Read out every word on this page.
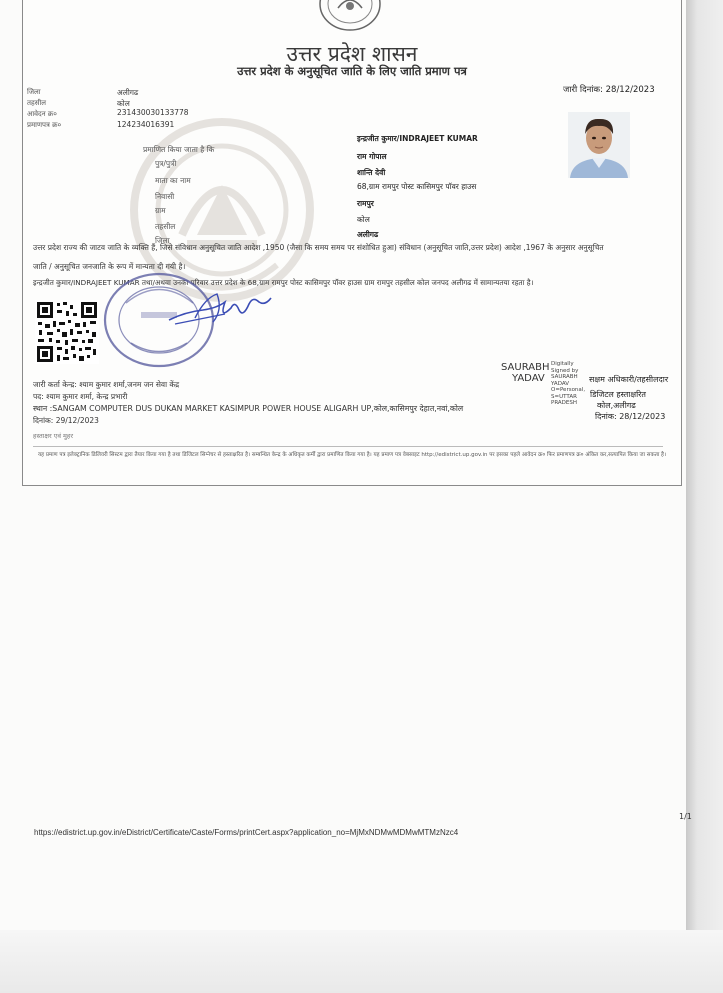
उत्तर प्रदेश शासन
उत्तर प्रदेश के अनुसूचित जाति के लिए जाति प्रमाण पत्र
जारी दिनांक: 28/12/2023
जिला	अलीगढ
तहसील	कोल
आवेदन क्र०	231430030133778
प्रमाणपत्र क्र०	124234016391
प्रमाणित किया जाता है कि
इन्द्रजीत कुमार/INDRAJEET KUMAR
पुत्र/पुत्री
राम गोपाल
माता का नाम
शान्ति देवी
निवासी
68,ग्राम रामपुर पोस्ट कासिमपुर पॉवर हाउस
ग्राम
रामपुर
तहसील
कोल
जिला
अलीगढ
उत्तर प्रदेश राज्य की जाटव जाति के व्यक्ति हैं, जिसे संविधान अनुसूचित जाति आदेश ,1950 (जैसा कि समय समय पर संशोधित हुआ) संविधान (अनुसूचित जाति,उत्तर प्रदेश) आदेश ,1967 के अनुसार अनुसूचित
जाति / अनुसूचित जनजाति के रूप में मान्यता दी गयी है।
इन्द्रजीत कुमार/INDRAJEET KUMAR तथा/अथवा उनका परिवार उत्तर प्रदेश के 68,ग्राम रामपुर पोस्ट कासिमपुर पॉवर हाउस ग्राम रामपुर तहसील कोल जनपद अलीगढ में सामान्यतया रहता है।
SAURABH
YADAV
Digitally Signed by SAURABH YADAV O=Personal, S=UTTAR PRADESH
सक्षम अधिकारी/तहसीलदार
डिजिटल हस्ताक्षरित
कोल,अलीगढ
दिनांक: 28/12/2023
जारी कर्ता केन्द्र: श्याम कुमार शर्मा,जनम जन सेवा केंद्र
पद: श्याम कुमार शर्मा, केन्द्र प्रभारी
स्थान :SANGAM COMPUTER DUS DUKAN MARKET KASIMPUR POWER HOUSE ALIGARH UP,कोल,कासिमपुर देहात,नवां,कोल
दिनांक: 29/12/2023
हस्ताक्षर एवं मुहर
यह प्रमाण पत्र इलेक्ट्रानिक डिलिवरी सिस्टम द्वारा तैयार किया गया है तथा डिजिटल सिग्नेचर से हस्ताक्षरित है। सम्बन्धित केन्द्र के अधिकृत कर्मी द्वारा प्रमाणित किया गया है। यह प्रमाण पत्र वेबसाइट http://edistrict.up.gov.in पर इसका पहले आवेदन क्र० फिर प्रमाणपत्र क्र० अंकित कर,सत्यापित किया जा सकता है।
1/1
https://edistrict.up.gov.in/eDistrict/Certificate/Caste/Forms/printCert.aspx?application_no=MjMxNDMwMDMwMTMzNzc4
